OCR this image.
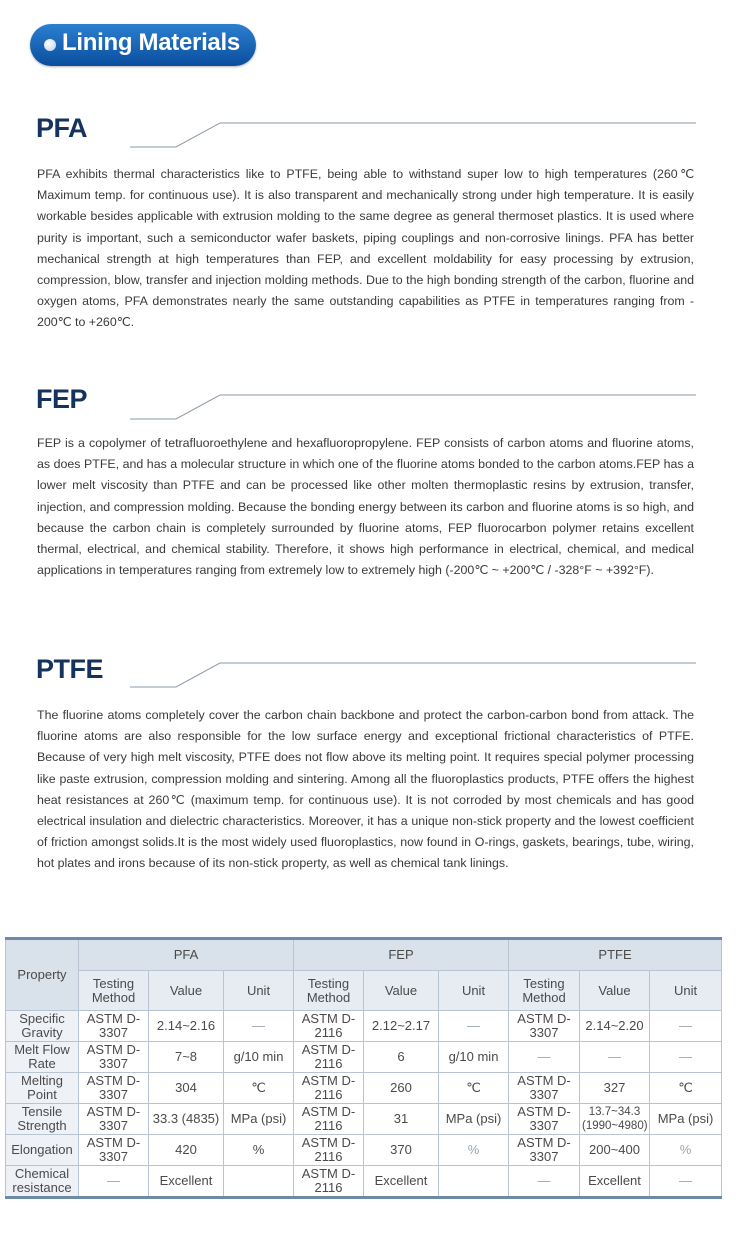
Lining Materials
PFA

PFA exhibits thermal characteristics like to PTFE, being able to withstand super low to high temperatures (260℃ Maximum temp. for continuous use). It is also transparent and mechanically strong under high temperature. It is easily workable besides applicable with extrusion molding to the same degree as general thermoset plastics. It is used where purity is important, such a semiconductor wafer baskets, piping couplings and non-corrosive linings. PFA has better mechanical strength at high temperatures than FEP, and excellent moldability for easy processing by extrusion, compression, blow, transfer and injection molding methods. Due to the high bonding strength of the carbon, fluorine and oxygen atoms, PFA demonstrates nearly the same outstanding capabilities as PTFE in temperatures ranging from - 200℃ to +260℃.

FEP

FEP is a copolymer of tetrafluoroethylene and hexafluoropropylene. FEP consists of carbon atoms and fluorine atoms, as does PTFE, and has a molecular structure in which one of the fluorine atoms bonded to the carbon atoms.FEP has a lower melt viscosity than PTFE and can be processed like other molten thermoplastic resins by extrusion, transfer, injection, and compression molding. Because the bonding energy between its carbon and fluorine atoms is so high, and because the carbon chain is completely surrounded by fluorine atoms, FEP fluorocarbon polymer retains excellent thermal, electrical, and chemical stability. Therefore, it shows high performance in electrical, chemical, and medical applications in temperatures ranging from extremely low to extremely high (-200℃ ~ +200℃ / -328°F ~ +392°F).

PTFE

The fluorine atoms completely cover the carbon chain backbone and protect the carbon-carbon bond from attack. The fluorine atoms are also responsible for the low surface energy and exceptional frictional characteristics of PTFE. Because of very high melt viscosity, PTFE does not flow above its melting point. It requires special polymer processing like paste extrusion, compression molding and sintering. Among all the fluoroplastics products, PTFE offers the highest heat resistances at 260℃ (maximum temp. for continuous use). It is not corroded by most chemicals and has good electrical insulation and dielectric characteristics. Moreover, it has a unique non-stick property and the lowest coefficient of friction amongst solids.It is the most widely used fluoroplastics, now found in O-rings, gaskets, bearings, tube, wiring, hot plates and irons because of its non-stick property, as well as chemical tank linings.

Property	PFA			FEP			PTFE		
	Testing Method	Value	Unit	Testing Method	Value	Unit	Testing Method	Value	Unit
Specific Gravity	ASTM D-3307	2.14~2.16	—	ASTM D-2116	2.12~2.17	—	ASTM D-3307	2.14~2.20	—
Melt Flow Rate	ASTM D-3307	7~8	g/10 min	ASTM D-2116	6	g/10 min	—	—	—
Melting Point	ASTM D-3307	304	℃	ASTM D-2116	260	℃	ASTM D-3307	327	℃
Tensile Strength	ASTM D-3307	33.3 (4835)	MPa (psi)	ASTM D-2116	31	MPa (psi)	ASTM D-3307	13.7~34.3 (1990~4980)	MPa (psi)
Elongation	ASTM D-3307	420	%	ASTM D-2116	370	%	ASTM D-3307	200~400	%
Chemical resistance	—	Excellent		ASTM D-2116	Excellent		—	Excellent	—
